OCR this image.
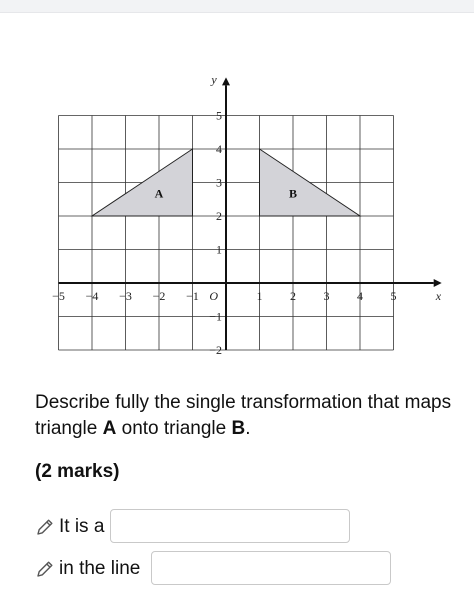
A	B
−5 −4 −3 −2 −1	1 2 3 4 5
−2
−1
1
2
3
4
5
O	x
y
Describe fully the single transformation that maps triangle A onto triangle B.
(2 marks)
It is a
in the line
